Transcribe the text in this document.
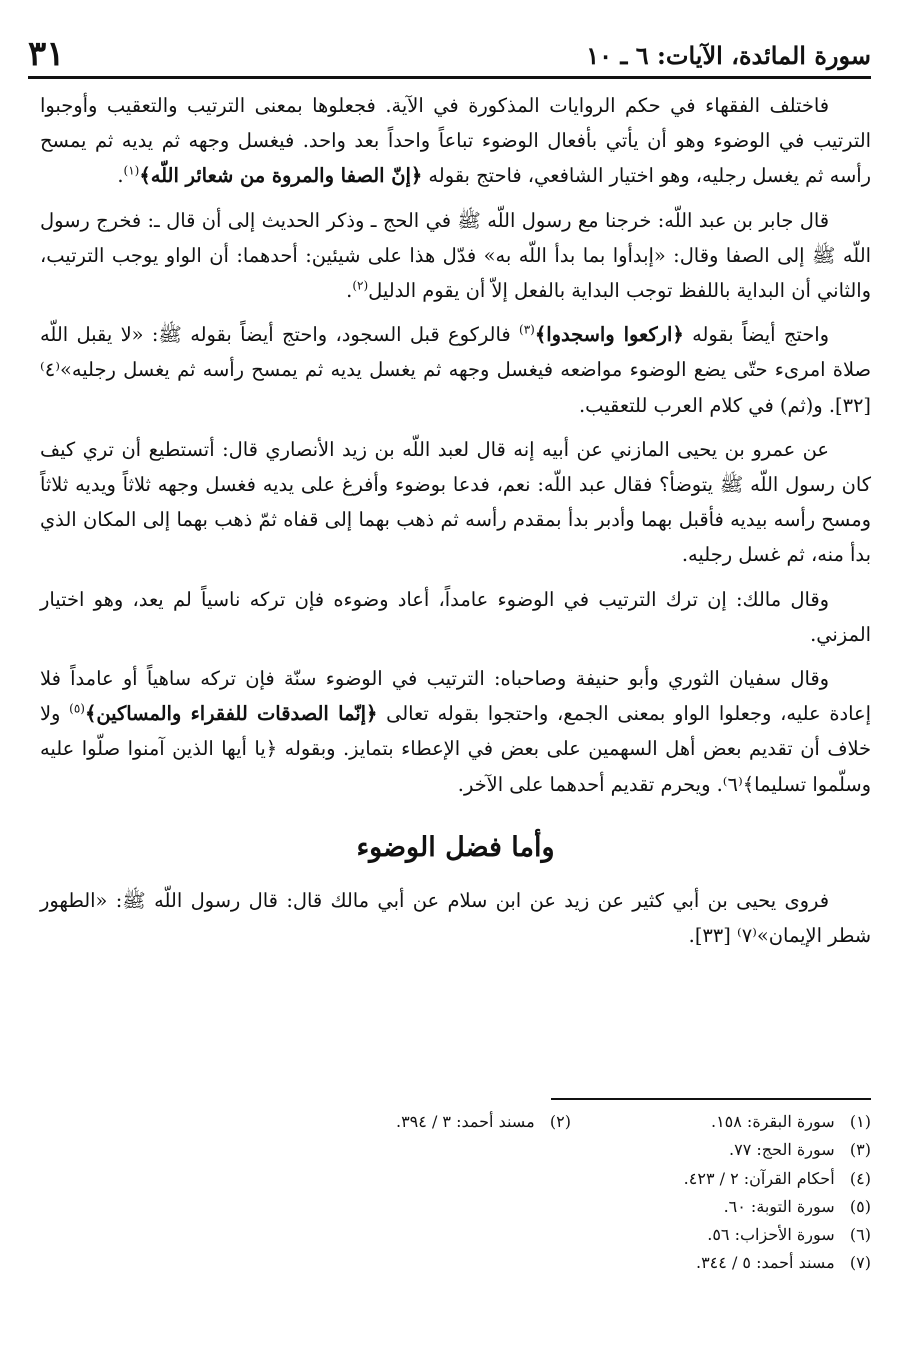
سورة المائدة، الآيات: ٦ ـ ١٠
٣١

فاختلف الفقهاء في حكم الروايات المذكورة في الآية. فجعلوها بمعنى الترتيب والتعقيب وأوجبوا الترتيب في الوضوء وهو أن يأتي بأفعال الوضوء تباعاً واحداً بعد واحد. فيغسل وجهه ثم يديه ثم يمسح رأسه ثم يغسل رجليه، وهو اختيار الشافعي، فاحتج بقوله ﴿إنّ الصفا والمروة من شعائر اللّه﴾$^{(١)}$.

قال جابر بن عبد اللّه: خرجنا مع رسول اللّه ﷺ في الحج ـ وذكر الحديث إلى أن قال ـ: فخرج رسول اللّه ﷺ إلى الصفا وقال: «إبدأوا بما بدأ اللّه به» فدّل هذا على شيئين: أحدهما: أن الواو يوجب الترتيب، والثاني أن البداية باللفظ توجب البداية بالفعل إلاّ أن يقوم الدليل$^{(٢)}$.

واحتج أيضاً بقوله ﴿اركعوا واسجدوا﴾$^{(٣)}$ فالركوع قبل السجود، واحتج أيضاً بقوله ﷺ: «لا يقبل اللّه صلاة امرىء حتّى يضع الوضوء مواضعه فيغسل وجهه ثم يغسل يديه ثم يمسح رأسه ثم يغسل رجليه»⁽٤⁾ [٣٢]. و(ثم) في كلام العرب للتعقيب.

عن عمرو بن يحيى المازني عن أبيه إنه قال لعبد اللّه بن زيد الأنصاري قال: أتستطيع أن تري كيف كان رسول اللّه ﷺ يتوضأ؟ فقال عبد اللّه: نعم، فدعا بوضوء وأفرغ على يديه فغسل وجهه ثلاثاً ويديه ثلاثاً ومسح رأسه بيديه فأقبل بهما وأدبر بدأ بمقدم رأسه ثم ذهب بهما إلى قفاه ثمّ ذهب بهما إلى المكان الذي بدأ منه، ثم غسل رجليه.

وقال مالك: إن ترك الترتيب في الوضوء عامداً، أعاد وضوءه فإن تركه ناسياً لم يعد، وهو اختيار المزني.

وقال سفيان الثوري وأبو حنيفة وصاحباه: الترتيب في الوضوء سنّة فإن تركه ساهياً أو عامداً فلا إعادة عليه، وجعلوا الواو بمعنى الجمع، واحتجوا بقوله تعالى ﴿إنّما الصدقات للفقراء والمساكين﴾$^{(٥)}$ ولا خلاف أن تقديم بعض أهل السهمين على بعض في الإعطاء بتمايز. وبقوله ﴿يا أيها الذين آمنوا صلّوا عليه وسلّموا تسليما﴾⁽٦⁾. ويحرم تقديم أحدهما على الآخر.

وأما فضل الوضوء

فروى يحيى بن أبي كثير عن زيد عن ابن سلام عن أبي مالك قال: قال رسول اللّه ﷺ: «الطهور شطر الإيمان»⁽٧⁾ [٣٣].

(١)   سورة البقرة: ١٥٨.
(٢)   مسند أحمد: ٣ / ٣٩٤.
(٣)   سورة الحج: ٧٧.
(٤)   أحكام القرآن: ٢ / ٤٢٣.
(٥)   سورة التوبة: ٦٠.
(٦)   سورة الأحزاب: ٥٦.
(٧)   مسند أحمد: ٥ / ٣٤٤.
